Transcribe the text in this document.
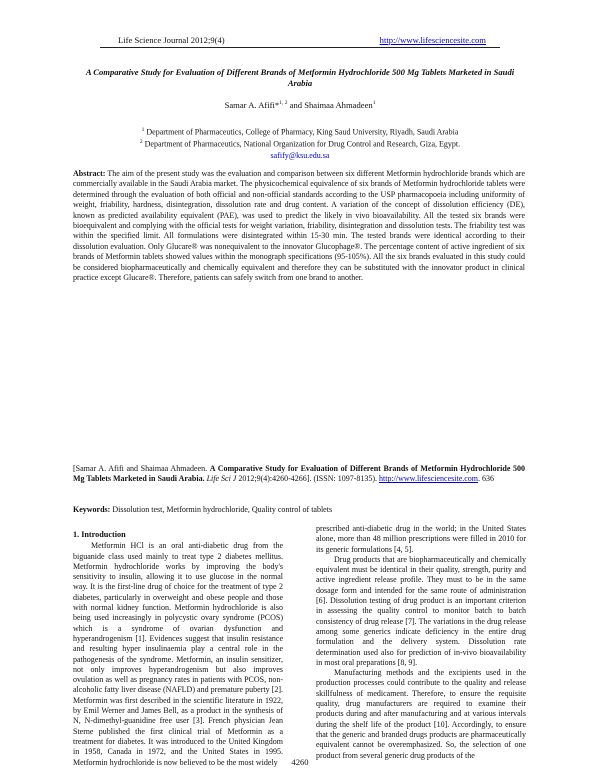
Life Science Journal 2012;9(4)	http://www.lifesciencesite.com
A Comparative Study for Evaluation of Different Brands of Metformin Hydrochloride 500 Mg Tablets Marketed in Saudi Arabia
Samar A. Afifi*$^{1, 2}$ and Shaimaa Ahmadeen$^1$
$^1$ Department of Pharmaceutics, College of Pharmacy, King Saud University, Riyadh, Saudi Arabia
$^2$ Department of Pharmaceutics, National Organization for Drug Control and Research, Giza, Egypt.
safify@ksu.edu.sa
Abstract: The aim of the present study was the evaluation and comparison between six different Metformin hydrochloride brands which are commercially available in the Saudi Arabia market. The physicochemical equivalence of six brands of Metformin hydrochloride tablets were determined through the evaluation of both official and non-official standards according to the USP pharmacopoeia including uniformity of weight, friability, hardness, disintegration, dissolution rate and drug content. A variation of the concept of dissolution efficiency (DE), known as predicted availability equivalent (PAE), was used to predict the likely in vivo bioavailability. All the tested six brands were bioequivalent and complying with the official tests for weight variation, friability, disintegration and dissolution tests. The friability test was within the specified limit. All formulations were disintegrated within 15-30 min. The tested brands were identical according to their dissolution evaluation. Only Glucare® was nonequivalent to the innovator Glucophage®. The percentage content of active ingredient of six brands of Metformin tablets showed values within the monograph specifications (95-105%). All the six brands evaluated in this study could be considered biopharmaceutically and chemically equivalent and therefore they can be substituted with the innovator product in clinical practice except Glucare®. Therefore, patients can safely switch from one brand to another.
[Samar A. Afifi and Shaimaa Ahmadeen. A Comparative Study for Evaluation of Different Brands of Metformin Hydrochloride 500 Mg Tablets Marketed in Saudi Arabia. Life Sci J 2012;9(4):4260-4266]. (ISSN: 1097-8135). http://www.lifesciencesite.com. 636
Keywords: Dissolution test, Metformin hydrochloride, Quality control of tablets
1. Introduction

Metformin HCl is an oral anti-diabetic drug from the biguanide class used mainly to treat type 2 diabetes mellitus. Metformin hydrochloride works by improving the body's sensitivity to insulin, allowing it to use glucose in the normal way. It is the first-line drug of choice for the treatment of type 2 diabetes, particularly in overweight and obese people and those with normal kidney function. Metformin hydrochloride is also being used increasingly in polycystic ovary syndrome (PCOS) which is a syndrome of ovarian dysfunction and hyperandrogenism [1]. Evidences suggest that insulin resistance and resulting hyper insulinaemia play a central role in the pathogenesis of the syndrome. Metformin, an insulin sensitizer, not only improves hyperandrogenism but also improves ovulation as well as pregnancy rates in patients with PCOS, non-alcoholic fatty liver disease (NAFLD) and premature puberty [2]. Metformin was first described in the scientific literature in 1922, by Emil Werner and James Bell, as a product in the synthesis of N, N-dimethyl-guanidine free user [3]. French physician Jean Sterne published the first clinical trial of Metformin as a treatment for diabetes. It was introduced to the United Kingdom in 1958, Canada in 1972, and the United States in 1995. Metformin hydrochloride is now believed to be the most widely

prescribed anti-diabetic drug in the world; in the United States alone, more than 48 million prescriptions were filled in 2010 for its generic formulations [4, 5].

Drug products that are biopharmaceutically and chemically equivalent must be identical in their quality, strength, purity and active ingredient release profile. They must to be in the same dosage form and intended for the same route of administration [6]. Dissolution testing of drug product is an important criterion in assessing the quality control to monitor batch to batch consistency of drug release [7]. The variations in the drug release among some generics indicate deficiency in the entire drug formulation and the delivery system. Dissolution rate determination used also for prediction of in-vivo bioavailability in most oral preparations [8, 9].

Manufacturing methods and the excipients used in the production processes could contribute to the quality and release skillfulness of medicament. Therefore, to ensure the requisite quality, drug manufacturers are required to examine their products during and after manufacturing and at various intervals during the shelf life of the product [10]. Accordingly, to ensure that the generic and branded drugs products are pharmaceutically equivalent cannot be overemphasized. So, the selection of one product from several generic drug products of the

4260
